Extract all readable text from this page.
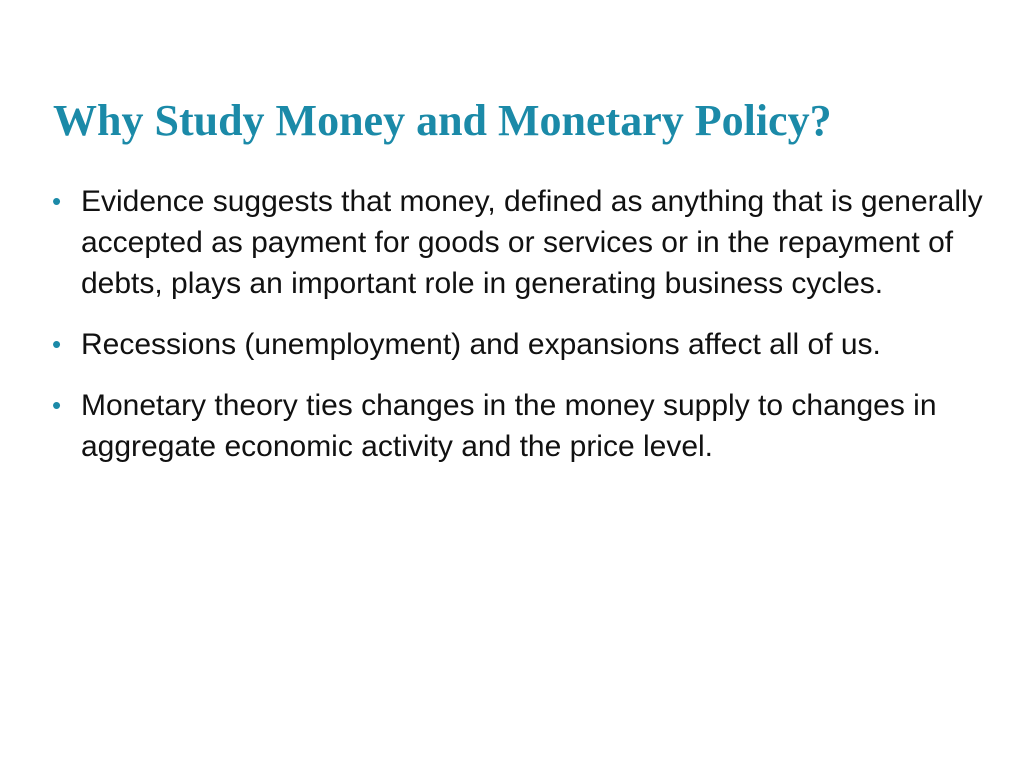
Why Study Money and Monetary Policy?
• Evidence suggests that money, defined as anything that is generally accepted as payment for goods or services or in the repayment of debts, plays an important role in generating business cycles.
• Recessions (unemployment) and expansions affect all of us.
• Monetary theory ties changes in the money supply to changes in aggregate economic activity and the price level.
